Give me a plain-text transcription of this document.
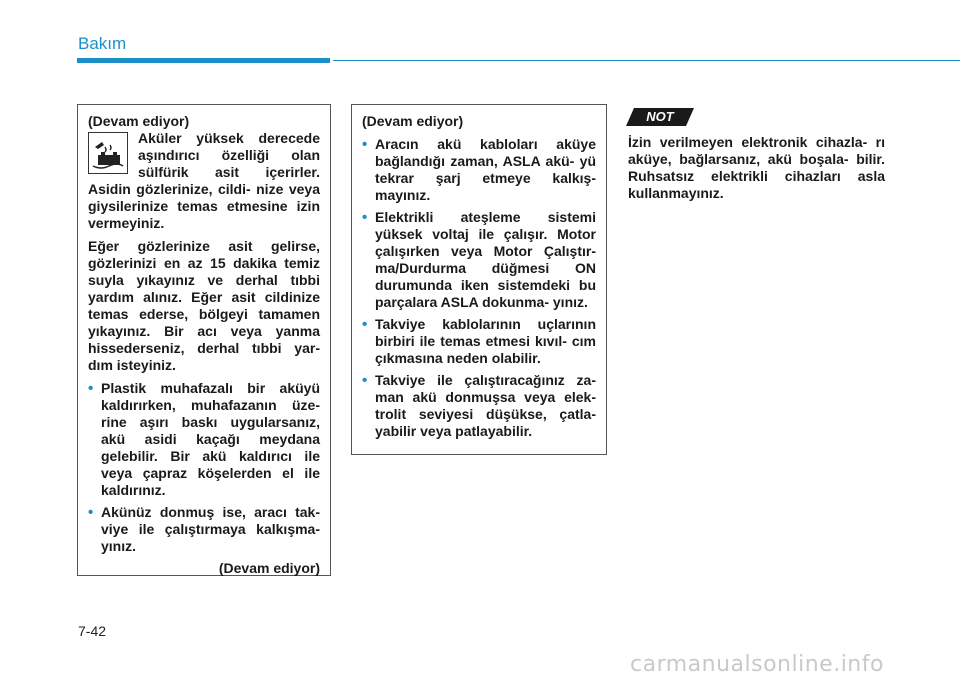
Bakım

(Devam ediyor)

Aküler yüksek derecede aşındırıcı özelliği olan sülfürik asit içerirler. Asidin gözlerinize, cildi- nize veya giysilerinize temas etmesine izin vermeyiniz.

Eğer gözlerinize asit gelirse, gözlerinizi en az 15 dakika temiz suyla yıkayınız ve derhal tıbbi yardım alınız. Eğer asit cildinize temas ederse, bölgeyi tamamen yıkayınız. Bir acı veya yanma hissederseniz, derhal tıbbi yar- dım isteyiniz.

• Plastik muhafazalı bir aküyü kaldırırken, muhafazanın üze- rine aşırı baskı uygularsanız, akü asidi kaçağı meydana gelebilir. Bir akü kaldırıcı ile veya çapraz köşelerden el ile kaldırınız.
• Akünüz donmuş ise, aracı tak- viye ile çalıştırmaya kalkışma- yınız.

(Devam ediyor)

(Devam ediyor)

• Aracın akü kabloları aküye bağlandığı zaman, ASLA akü- yü tekrar şarj etmeye kalkış- mayınız.
• Elektrikli ateşleme sistemi yüksek voltaj ile çalışır. Motor çalışırken veya Motor Çalıştır- ma/Durdurma düğmesi ON durumunda iken sistemdeki bu parçalara ASLA dokunma- yınız.
• Takviye kablolarının uçlarının birbiri ile temas etmesi kıvıl- cım çıkmasına neden olabilir.
• Takviye ile çalıştıracağınız za- man akü donmuşsa veya elek- trolit seviyesi düşükse, çatla- yabilir veya patlayabilir.
NOT

İzin verilmeyen elektronik cihazla- rı aküye, bağlarsanız, akü boşala- bilir. Ruhsatsız elektrikli cihazları asla kullanmayınız.

7-42
carmanualsonline.info
